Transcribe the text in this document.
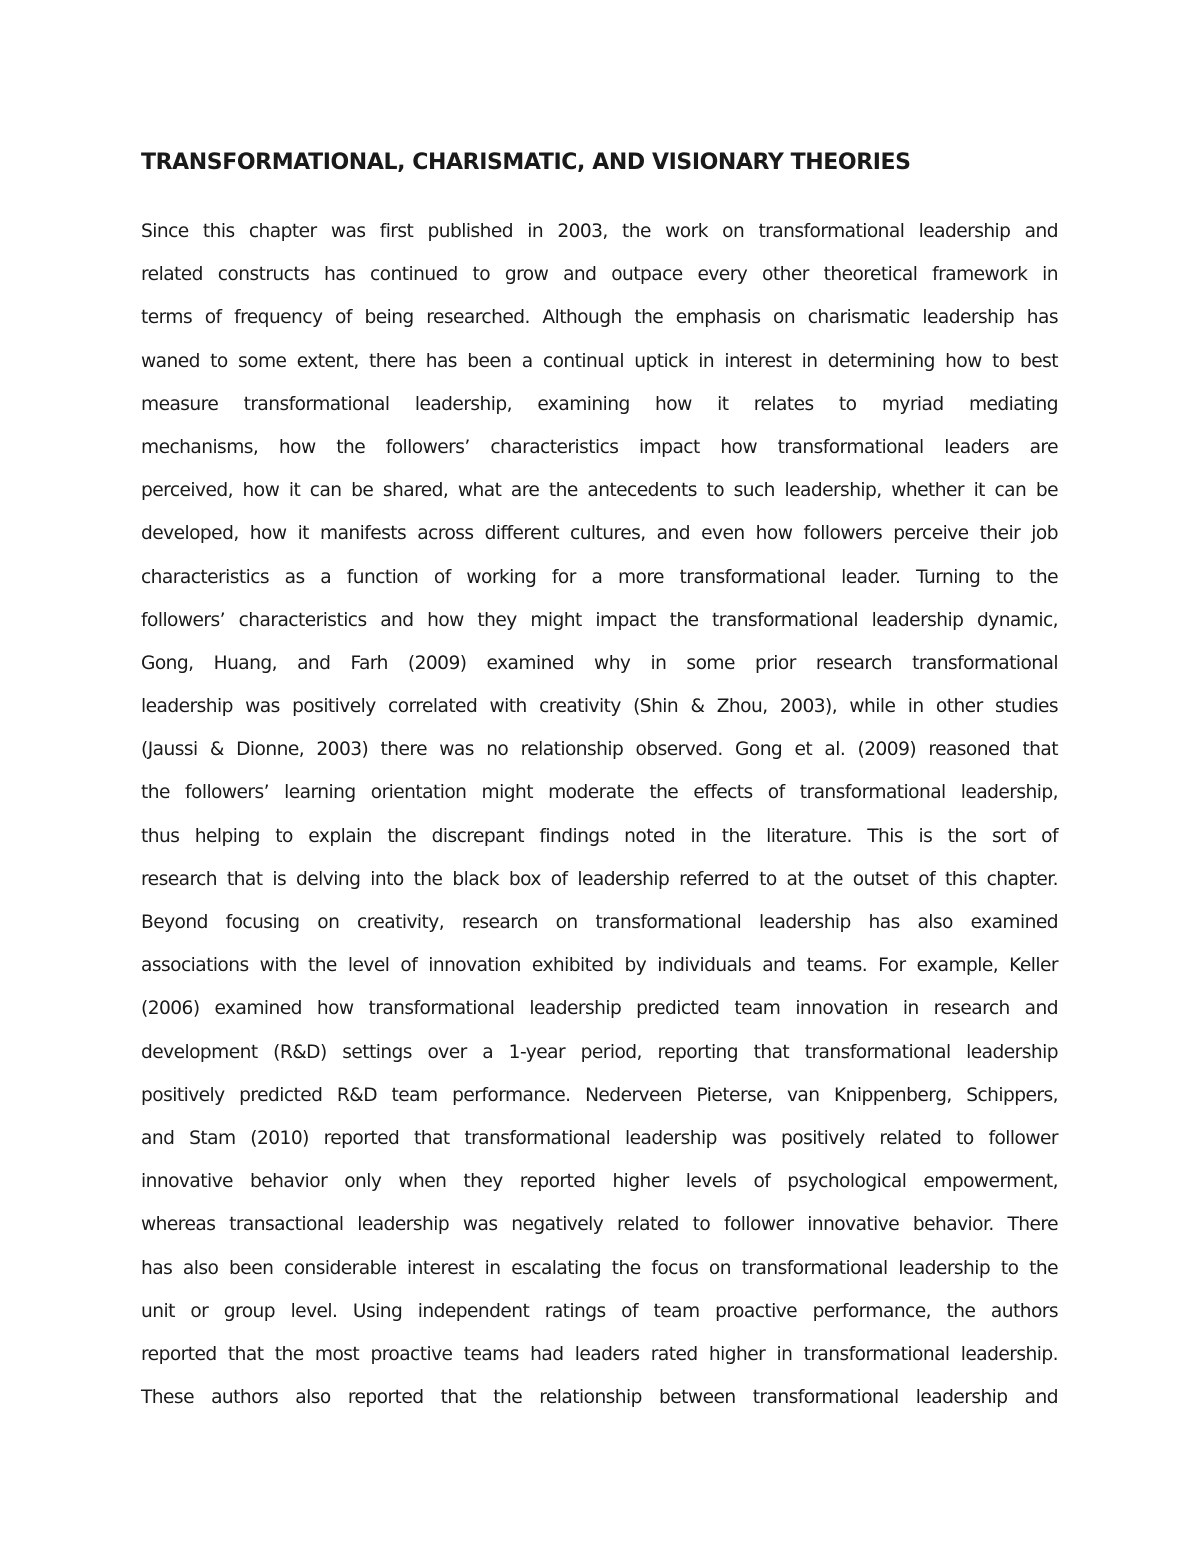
TRANSFORMATIONAL, CHARISMATIC, AND VISIONARY THEORIES
Since this chapter was first published in 2003, the work on transformational leadership and
related constructs has continued to grow and outpace every other theoretical framework in
terms of frequency of being researched. Although the emphasis on charismatic leadership has
waned to some extent, there has been a continual uptick in interest in determining how to best
measure transformational leadership, examining how it relates to myriad mediating
mechanisms, how the followers’ characteristics impact how transformational leaders are
perceived, how it can be shared, what are the antecedents to such leadership, whether it can be
developed, how it manifests across different cultures, and even how followers perceive their job
characteristics as a function of working for a more transformational leader. Turning to the
followers’ characteristics and how they might impact the transformational leadership dynamic,
Gong, Huang, and Farh (2009) examined why in some prior research transformational
leadership was positively correlated with creativity (Shin & Zhou, 2003), while in other studies
(Jaussi & Dionne, 2003) there was no relationship observed. Gong et al. (2009) reasoned that
the followers’ learning orientation might moderate the effects of transformational leadership,
thus helping to explain the discrepant findings noted in the literature. This is the sort of
research that is delving into the black box of leadership referred to at the outset of this chapter.
Beyond focusing on creativity, research on transformational leadership has also examined
associations with the level of innovation exhibited by individuals and teams. For example, Keller
(2006) examined how transformational leadership predicted team innovation in research and
development (R&D) settings over a 1-year period, reporting that transformational leadership
positively predicted R&D team performance. Nederveen Pieterse, van Knippenberg, Schippers,
and Stam (2010) reported that transformational leadership was positively related to follower
innovative behavior only when they reported higher levels of psychological empowerment,
whereas transactional leadership was negatively related to follower innovative behavior. There
has also been considerable interest in escalating the focus on transformational leadership to the
unit or group level. Using independent ratings of team proactive performance, the authors
reported that the most proactive teams had leaders rated higher in transformational leadership.
These authors also reported that the relationship between transformational leadership and
